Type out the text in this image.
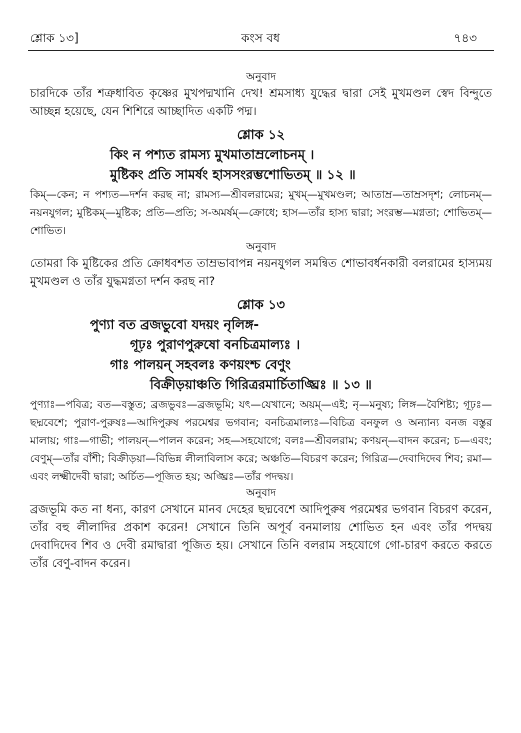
শ্লোক ১৩]	কংস বধ	৭৪৩

অনুবাদ

চারদিকে তাঁর শত্রুধাবিত কৃষ্ণের মুখপদ্মখানি দেখ! শ্রমসাধ্য যুদ্ধের দ্বারা সেই মুখমণ্ডল স্বেদ বিন্দুতে আচ্ছন্ন হয়েছে, যেন শিশিরে আচ্ছাদিত একটি পদ্ম।

শ্লোক ১২

কিং ন পশ্যত রামস্য মুখমাতাম্রলোচনম্ ।

মুষ্টিকং প্রতি সামর্ষং হাসসংরম্ভশোভিতম্ ॥ ১২ ॥

কিম্—কেন; ন পশ্যত—দর্শন করছ না; রামস্য—শ্রীবলরামের; মুখম্—মুখমণ্ডল; আতাম্র—তাম্রসদৃশ; লোচনম্—নয়নযুগল; মুষ্টিকম্—মুষ্টিক; প্রতি—প্রতি; স-অমর্ষম্—ক্রোধে; হাস—তাঁর হাস্য দ্বারা; সংরম্ভ—মগ্নতা; শোভিতম্—শোভিত।

অনুবাদ

তোমরা কি মুষ্টিকের প্রতি ক্রোধবশত তাম্রভাবাপন্ন নয়নযুগল সমন্বিত শোভাবর্ধনকারী বলরামের হাস্যময় মুখমণ্ডল ও তাঁর যুদ্ধমগ্নতা দর্শন করছ না?

শ্লোক ১৩

পুণ্যা বত ব্রজভুবো যদয়ং নৃলিঙ্গ-

গূঢ়ঃ পুরাণপুরুষো বনচিত্রমাল্যঃ ।

গাঃ পালয়ন্ সহবলঃ কণয়ংশ্চ বেণুং

বিক্রীড়য়াঞ্চতি গিরিত্ররমার্চিতাঙ্ঘ্রিঃ ॥ ১৩ ॥

পুণ্যাঃ—পবিত্র; বত—বস্তুত; ব্রজভুবঃ—ব্রজভূমি; যৎ—যেখানে; অয়ম্—এই; নৃ—মনুষ্য; লিঙ্গ—বৈশিষ্ট্য; গূঢ়ঃ—ছদ্মবেশে; পুরাণ-পুরুষঃ—আদিপুরুষ পরমেশ্বর ভগবান; বনচিত্রমাল্যঃ—বিচিত্র বনফুল ও অন্যান্য বনজ বস্তুর মালায়; গাঃ—গাভী; পালয়ন্—পালন করেন; সহ—সহযোগে; বলঃ—শ্রীবলরাম; কণয়ন্—বাদন করেন; চ—এবং; বেণুম্—তাঁর বাঁশী; বিক্রীড়য়া—বিভিন্ন লীলাবিলাস করে; অঞ্চতি—বিচরণ করেন; গিরিত্র—দেবাদিদেব শিব; রমা—এবং লক্ষ্মীদেবী দ্বারা; অর্চিত—পূজিত হয়; অঙ্ঘ্রিঃ—তাঁর পদদ্বয়।

অনুবাদ

ব্রজভূমি কত না ধন্য, কারণ সেখানে মানব দেহের ছদ্মবেশে আদিপুরুষ পরমেশ্বর ভগবান বিচরণ করেন, তাঁর বহু লীলাদির প্রকাশ করেন! সেখানে তিনি অপূর্ব বনমালায় শোভিত হন এবং তাঁর পদদ্বয় দেবাদিদেব শিব ও দেবী রমাদ্বারা পূজিত হয়। সেখানে তিনি বলরাম সহযোগে গো-চারণ করতে করতে তাঁর বেণু-বাদন করেন।
